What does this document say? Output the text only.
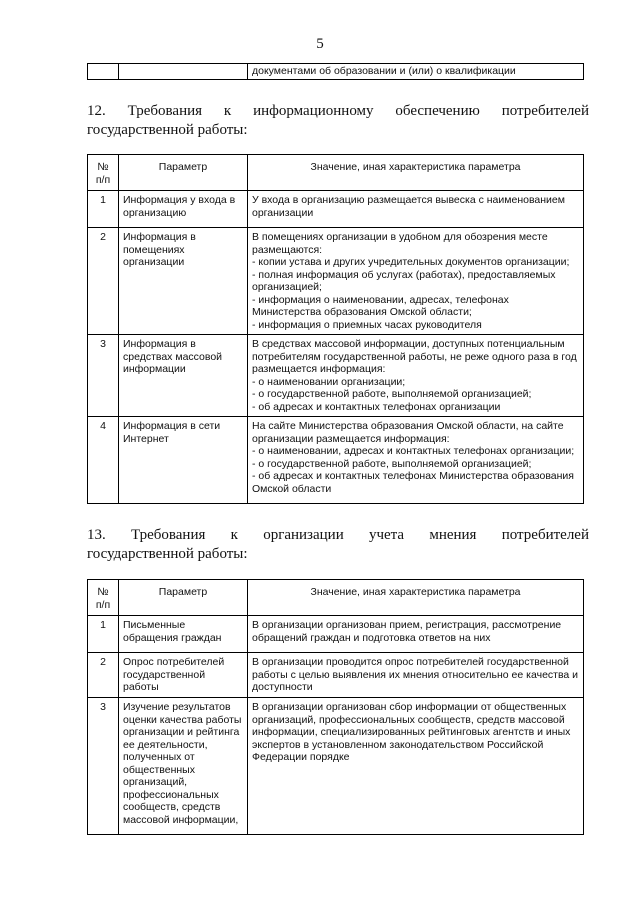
5
		документами об образовании и (или) о квалификации
12. Требования к информационному обеспечению потребителей
государственной работы:
№ п/п	Параметр	Значение, иная характеристика параметра
1	Информация у входа в организацию	У входа в организацию размещается вывеска с наименованием организации

2	Информация в помещениях организации	В помещениях организации в удобном для обозрения месте размещаются:
- копии устава и других учредительных документов организации;
- полная информация об услугах (работах), предоставляемых организацией;
- информация о наименовании, адресах, телефонах Министерства образования Омской области;
- информация о приемных часах руководителя

3	Информация в средствах массовой информации	В средствах массовой информации, доступных потенциальным потребителям государственной работы, не реже одного раза в год размещается информация:
- о наименовании организации;
- о государственной работе, выполняемой организацией;
- об адресах и контактных телефонах организации

4	Информация в сети Интернет	На сайте Министерства образования Омской области, на сайте организации размещается информация:
- о наименовании, адресах и контактных телефонах организации;
- о государственной работе, выполняемой организацией;
- об адресах и контактных телефонах Министерства образования Омской области
13. Требования к организации учета мнения потребителей
государственной работы:
№ п/п	Параметр	Значение, иная характеристика параметра
1	Письменные обращения граждан	В организации организован прием, регистрация, рассмотрение обращений граждан и подготовка ответов на них

2	Опрос потребителей государственной работы	В организации проводится опрос потребителей государственной работы с целью выявления их мнения относительно ее качества и доступности

3	Изучение результатов оценки качества работы организации и рейтинга ее деятельности, полученных от общественных организаций, профессиональных сообществ, средств массовой информации,	В организации организован сбор информации от общественных организаций, профессиональных сообществ, средств массовой информации, специализированных рейтинговых агентств и иных экспертов в установленном законодательством Российской Федерации порядке
